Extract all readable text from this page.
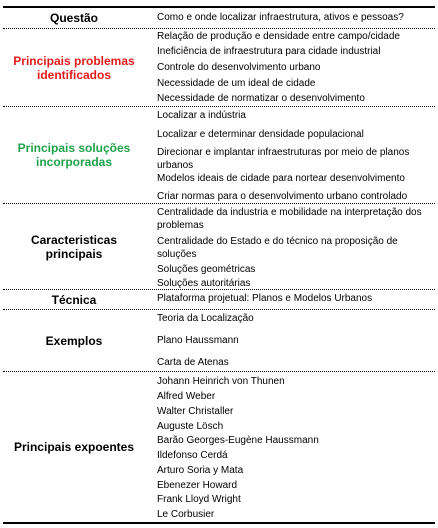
Questão	Como e onde localizar infraestrutura, ativos e pessoas?
Principais problemas
identificados
Relação de produção e densidade entre campo/cidade
Ineficiência de infraestrutura para cidade industrial
Controle do desenvolvimento urbano
Necessidade de um ideal de cidade
Necessidade de normatizar o desenvolvimento
Principais soluções
incorporadas
Localizar a indústria
Localizar e determinar densidade populacional
Direcionar e implantar infraestruturas por meio de planos
urbanos
Modelos ideais de cidade para nortear desenvolvimento
Criar normas para o desenvolvimento urbano controlado
Caracteristicas principais
Centralidade da industria e mobilidade na interpretação dos
problemas
Centralidade do Estado e do técnico na proposição de
soluções
Soluções geométricas
Soluções autoritárias
Técnica	Plataforma projetual: Planos e Modelos Urbanos
Exemplos
Teoria da Localização
Plano Haussmann
Carta de Atenas
Principais expoentes
Johann Heinrich von Thunen
Alfred Weber
Walter Christaller
Auguste Lösch
Barão Georges-Eugène Haussmann
Ildefonso Cerdá
Arturo Soria y Mata
Ebenezer Howard
Frank Lloyd Wright
Le Corbusier
